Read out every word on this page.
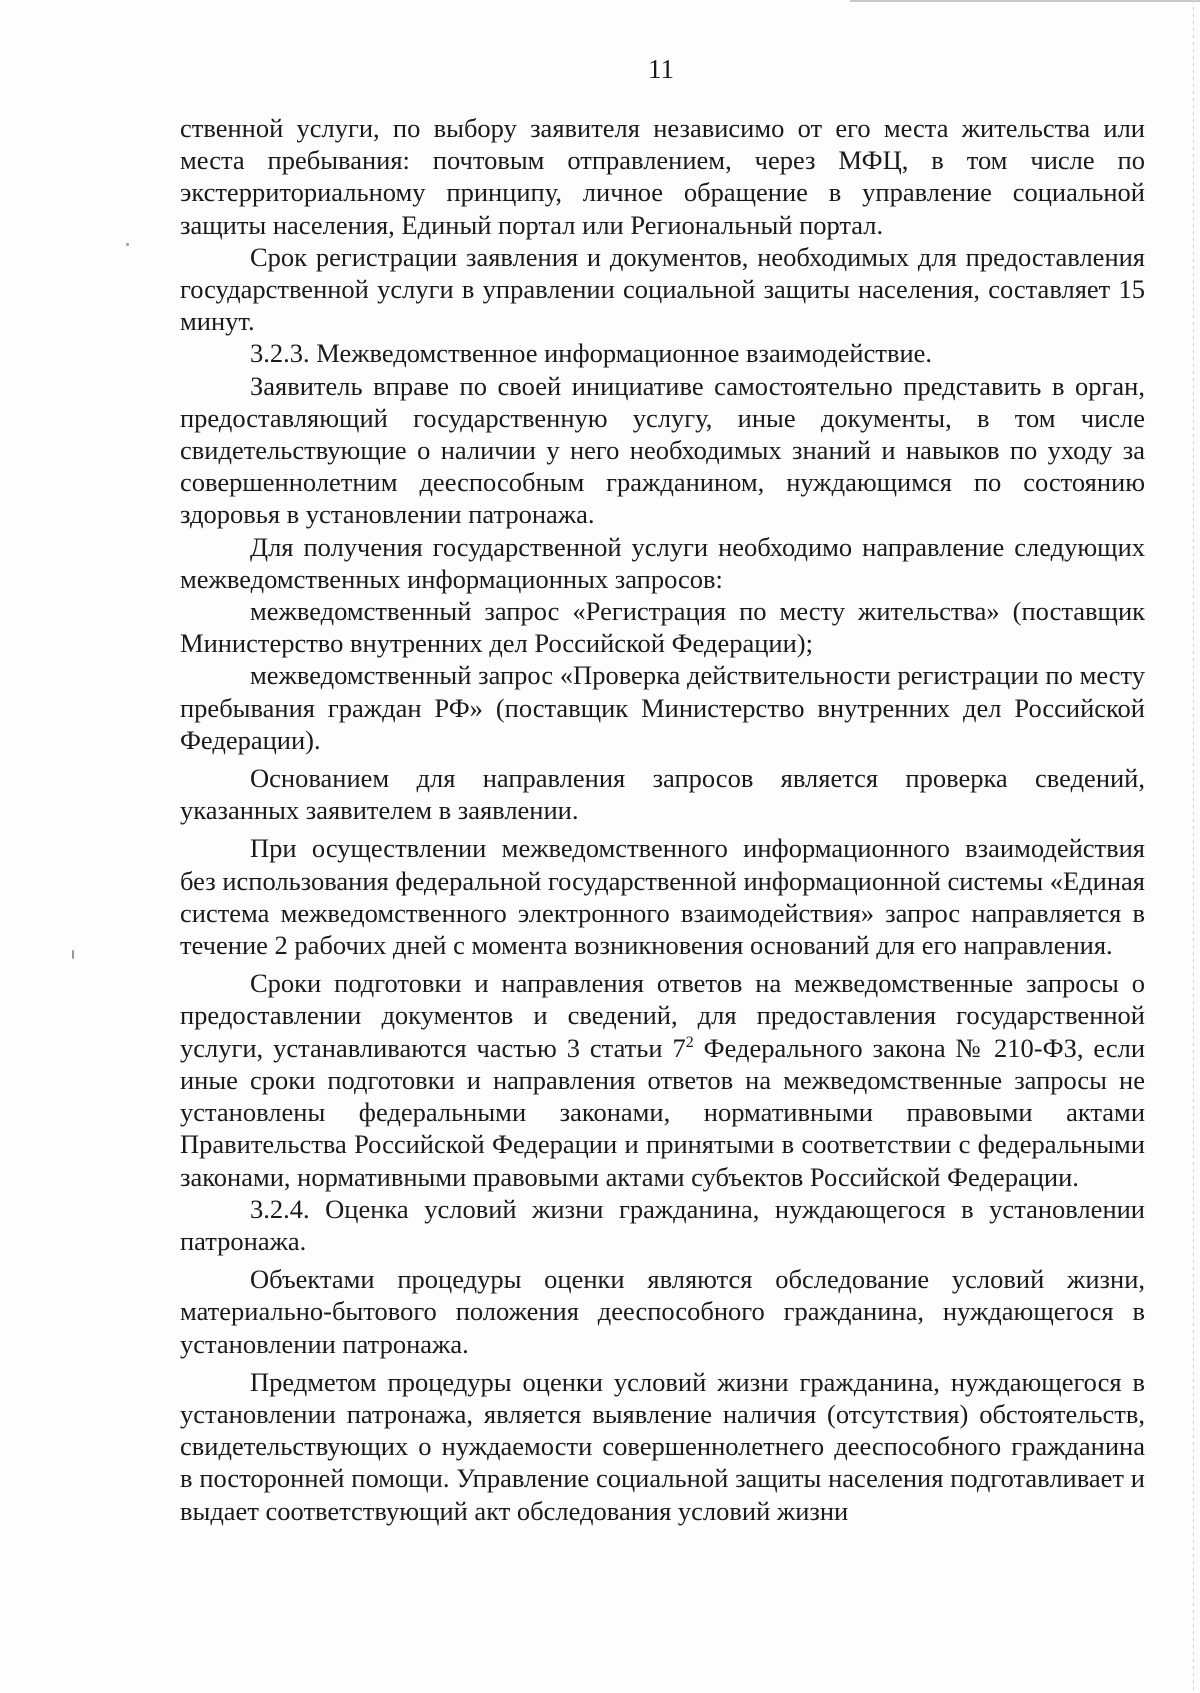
11

ственной услуги, по выбору заявителя независимо от его места жительства или места пребывания: почтовым отправлением, через МФЦ, в том числе по экстерриториальному принципу, личное обращение в управление социальной защиты населения, Единый портал или Региональный портал.

Срок регистрации заявления и документов, необходимых для предоставления государственной услуги в управлении социальной защиты населения, составляет 15 минут.

3.2.3. Межведомственное информационное взаимодействие.

Заявитель вправе по своей инициативе самостоятельно представить в орган, предоставляющий государственную услугу, иные документы, в том числе свидетельствующие о наличии у него необходимых знаний и навыков по уходу за совершеннолетним дееспособным гражданином, нуждающимся по состоянию здоровья в установлении патронажа.

Для получения государственной услуги необходимо направление следующих межведомственных информационных запросов:

межведомственный запрос «Регистрация по месту жительства» (поставщик Министерство внутренних дел Российской Федерации);

межведомственный запрос «Проверка действительности регистрации по месту пребывания граждан РФ» (поставщик Министерство внутренних дел Российской Федерации).

Основанием для направления запросов является проверка сведений, указанных заявителем в заявлении.

При осуществлении межведомственного информационного взаимодействия без использования федеральной государственной информационной системы «Единая система межведомственного электронного взаимодействия» запрос направляется в течение 2 рабочих дней с момента возникновения оснований для его направления.

Сроки подготовки и направления ответов на межведомственные запросы о предоставлении документов и сведений, для предоставления государственной услуги, устанавливаются частью 3 статьи $7^2$ Федерального закона № 210-ФЗ, если иные сроки подготовки и направления ответов на межведомственные запросы не установлены федеральными законами, нормативными правовыми актами Правительства Российской Федерации и принятыми в соответствии с федеральными законами, нормативными правовыми актами субъектов Российской Федерации.

3.2.4. Оценка условий жизни гражданина, нуждающегося в установлении патронажа.

Объектами процедуры оценки являются обследование условий жизни, материально-бытового положения дееспособного гражданина, нуждающегося в установлении патронажа.

Предметом процедуры оценки условий жизни гражданина, нуждающегося в установлении патронажа, является выявление наличия (отсутствия) обстоятельств, свидетельствующих о нуждаемости совершеннолетнего дееспособного гражданина в посторонней помощи. Управление социальной защиты населения подготавливает и выдает соответствующий акт обследования условий жизни
